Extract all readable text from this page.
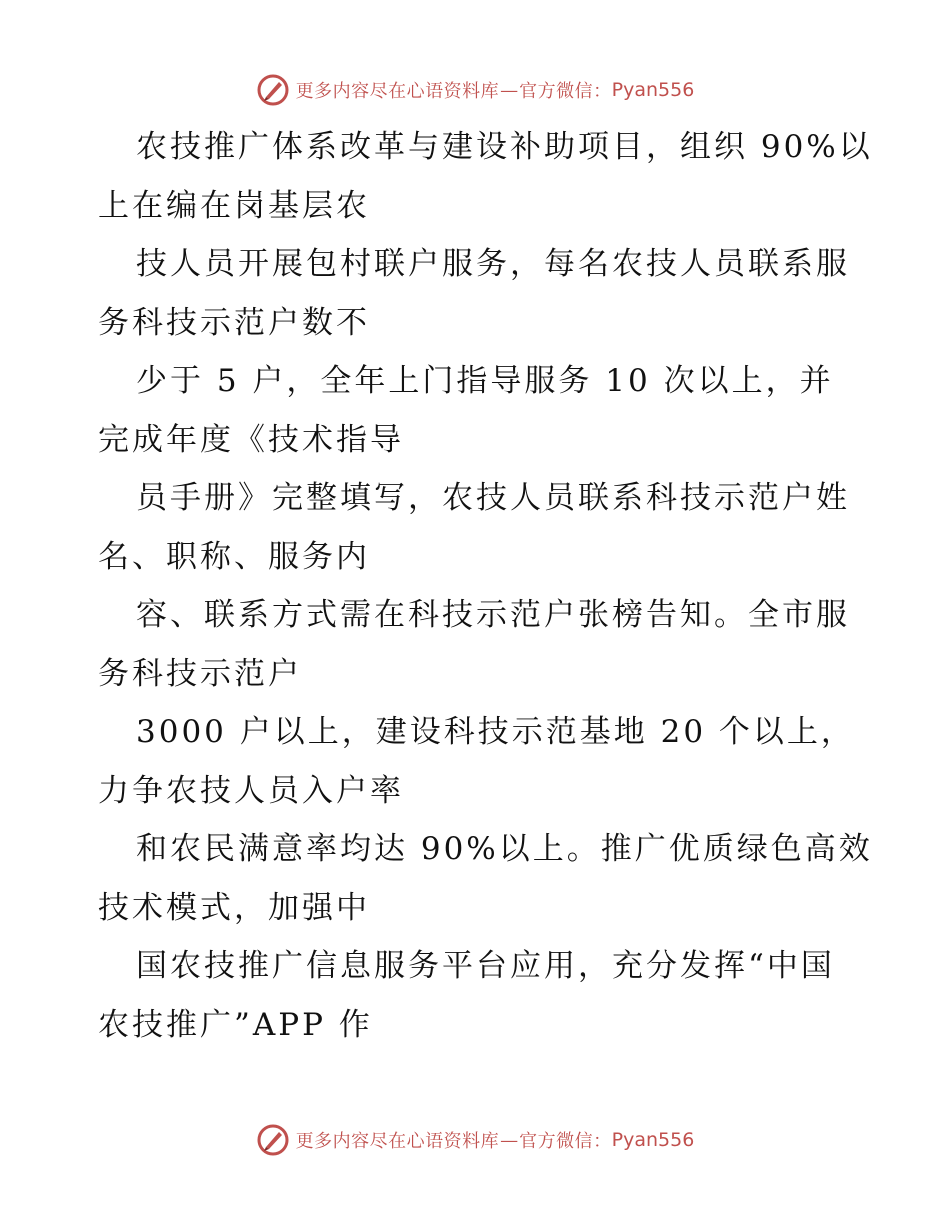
更多内容尽在心语资料库 — 官方微信： Pyan556
农技推广体系改革与建设补助项目，组织 90%以
上在编在岗基层农
技人员开展包村联户服务，每名农技人员联系服
务科技示范户数不
少于 5 户，全年上门指导服务 10 次以上，并
完成年度《技术指导
员手册》完整填写，农技人员联系科技示范户姓
名、职称、服务内
容、联系方式需在科技示范户张榜告知。全市服
务科技示范户
3000 户以上，建设科技示范基地 20 个以上，
力争农技人员入户率
和农民满意率均达 90%以上。推广优质绿色高效
技术模式，加强中
国农技推广信息服务平台应用，充分发挥“中国
农技推广”APP 作
更多内容尽在心语资料库 — 官方微信： Pyan556
